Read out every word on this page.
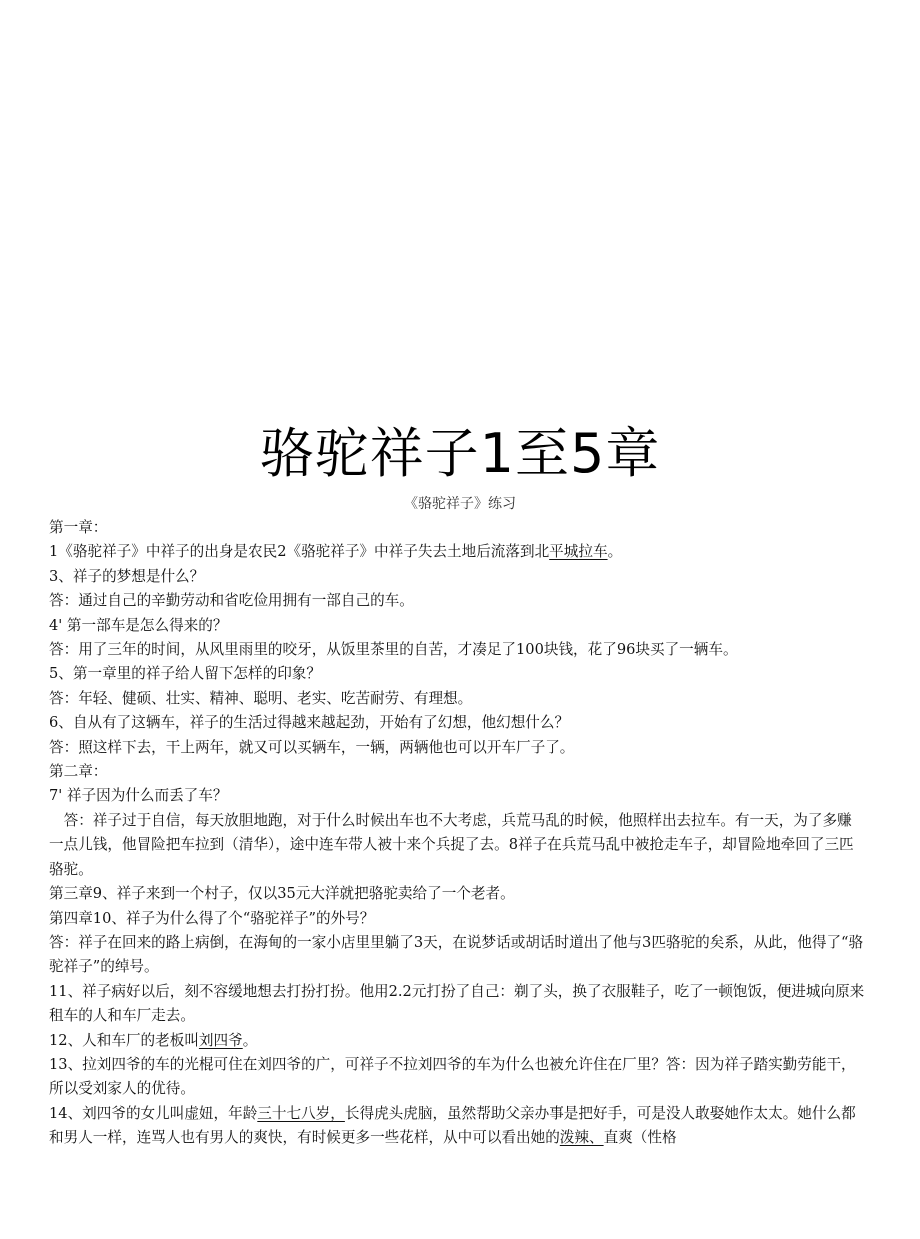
骆驼祥子1至5章
《骆驼祥子》练习

第一章：

1《骆驼祥子》中祥子的出身是农民2《骆驼祥子》中祥子失去土地后流落到北平城拉车。

3、祥子的梦想是什么？

答：通过自己的辛勤劳动和省吃俭用拥有一部自己的车。

4' 第一部车是怎么得来的？

答：用了三年的时间，从风里雨里的咬牙，从饭里茶里的自苦，才凑足了100块钱，花了96块买了一辆车。

5、第一章里的祥子给人留下怎样的印象？

答：年轻、健硕、壮实、精神、聪明、老实、吃苦耐劳、有理想。

6、自从有了这辆车，祥子的生活过得越来越起劲，开始有了幻想，他幻想什么？

答：照这样下去，干上两年，就又可以买辆车，一辆，两辆他也可以开车厂子了。

第二章：

7' 祥子因为什么而丢了车？

　答：祥子过于自信，每天放胆地跑，对于什么时候出车也不大考虑，兵荒马乱的时候，他照样出去拉车。有一天，为了多赚一点儿钱，他冒险把车拉到（清华），途中连车带人被十来个兵捉了去。8祥子在兵荒马乱中被抢走车子，却冒险地牵回了三匹骆驼。

第三章9、祥子来到一个村子，仅以35元大洋就把骆驼卖给了一个老者。

第四章10、祥子为什么得了个“骆驼祥子”的外号？

答：祥子在回来的路上病倒，在海甸的一家小店里里躺了3天，在说梦话或胡话时道出了他与3匹骆驼的矣系，从此，他得了“骆驼祥子”的绰号。

11、祥子病好以后，刻不容缓地想去打扮打扮。他用2.2元打扮了自己：剃了头，换了衣服鞋子，吃了一顿饱饭，便进城向原来租车的人和车厂走去。

12、人和车厂的老板叫刘四爷。

13、拉刘四爷的车的光棍可住在刘四爷的广，可祥子不拉刘四爷的车为什么也被允许住在厂里？答：因为祥子踏实勤劳能干，所以受刘家人的优待。

14、刘四爷的女儿叫虚妞，年龄三十七八岁，长得虎头虎脑，虽然帮助父亲办事是把好手，可是没人敢娶她作太太。她什么都和男人一样，连骂人也有男人的爽快，有时候更多一些花样，从中可以看出她的泼辣、直爽（性格
